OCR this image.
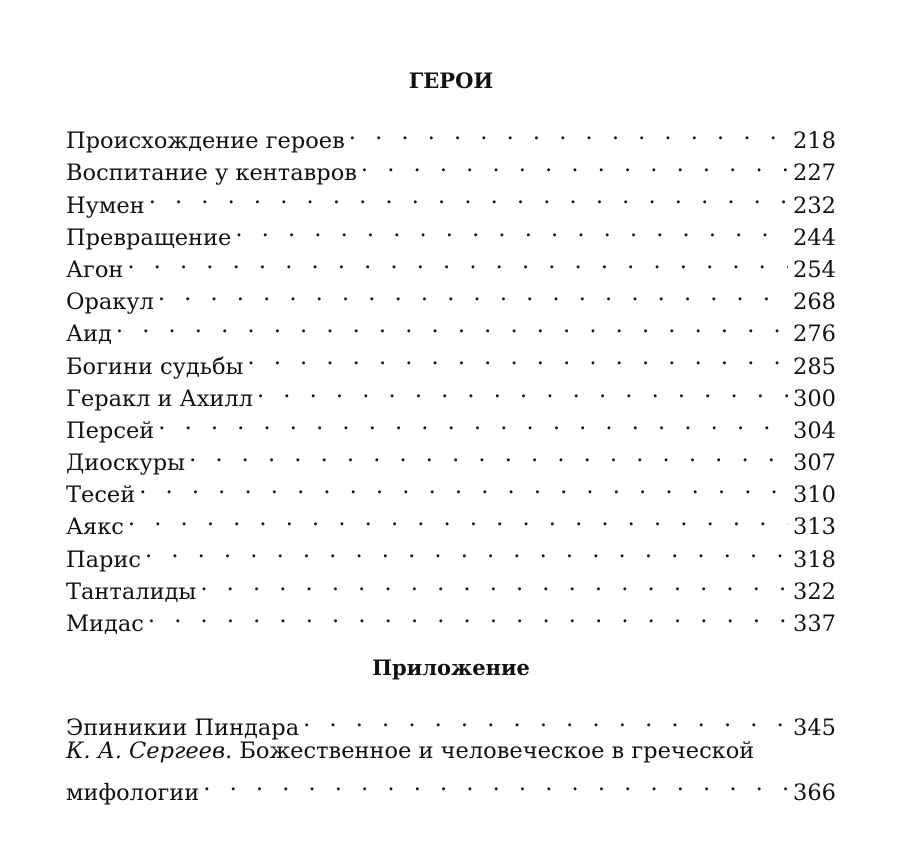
ГЕРОИ
Происхождение героев . . .	218
Воспитание у кентавров . . .	227
Нумен . . .	232
Превращение . . .	244
Агон . . .	254
Оракул . . .	268
Аид . . .	276
Богини судьбы . . .	285
Геракл и Ахилл . . .	300
Персей . . .	304
Диоскуры . . .	307
Тесей . . .	310
Аякс . . .	313
Парис . . .	318
Танталиды . . .	322
Мидас . . .	337
Приложение
Эпиникии Пиндара . . .	345
К. А. Сергеев. Божественное и человеческое в греческой
мифологии . . .	366
